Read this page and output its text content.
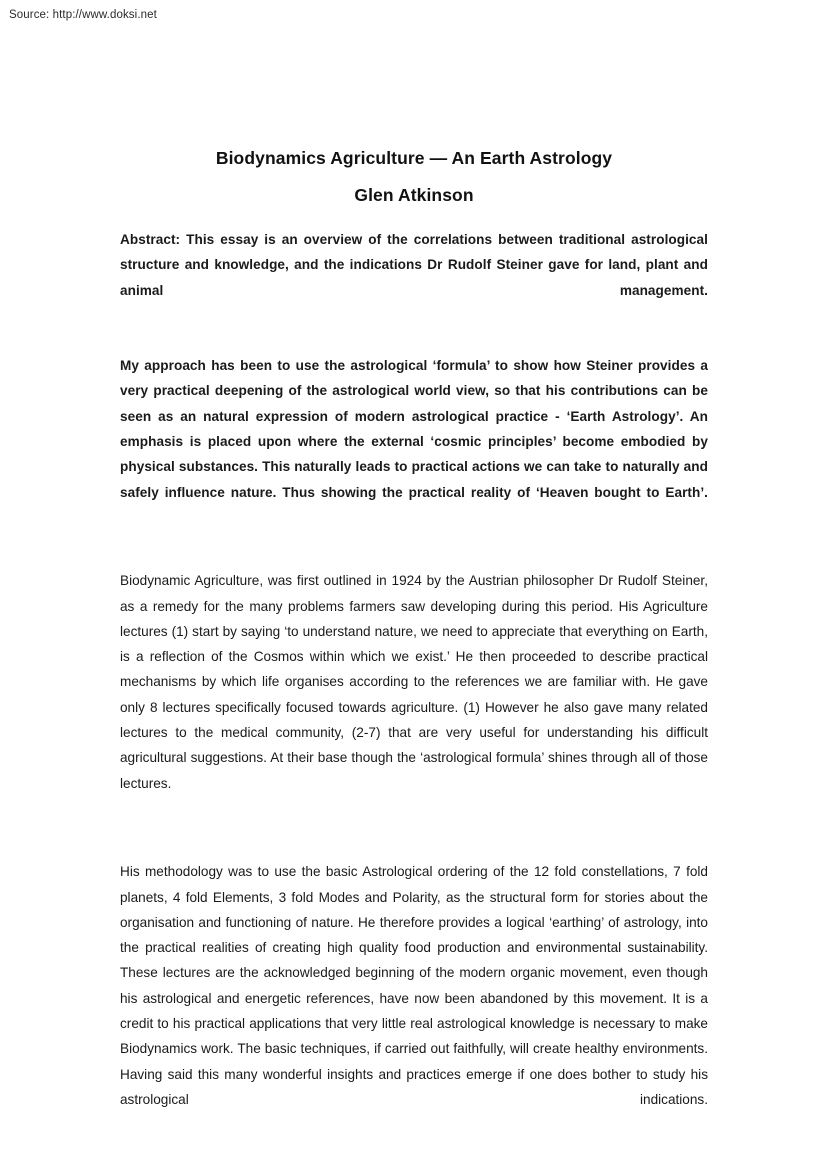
Source: http://www.doksi.net
Biodynamics Agriculture — An Earth Astrology
Glen Atkinson

Abstract: This essay is an overview of the correlations between traditional astrological structure and knowledge, and the indications Dr Rudolf Steiner gave for land, plant and animal management.

My approach has been to use the astrological ‘formula’ to show how Steiner provides a very practical deepening of the astrological world view, so that his contributions can be seen as an natural expression of modern astrological practice - ‘Earth Astrology’. An emphasis is placed upon where the external ‘cosmic principles’ become embodied by physical substances. This naturally leads to practical actions we can take to naturally and safely influence nature. Thus showing the practical reality of ‘Heaven bought to Earth’.

Biodynamic Agriculture, was first outlined in 1924 by the Austrian philosopher Dr Rudolf Steiner, as a remedy for the many problems farmers saw developing during this period. His Agriculture lectures (1) start by saying ‘to understand nature, we need to appreciate that everything on Earth, is a reflection of the Cosmos within which we exist.’ He then proceeded to describe practical mechanisms by which life organises according to the references we are familiar with. He gave only 8 lectures specifically focused towards agriculture. (1) However he also gave many related lectures to the medical community, (2-7) that are very useful for understanding his difficult agricultural suggestions. At their base though the ‘astrological formula’ shines through all of those lectures.

His methodology was to use the basic Astrological ordering of the 12 fold constellations, 7 fold planets, 4 fold Elements, 3 fold Modes and Polarity, as the structural form for stories about the organisation and functioning of nature. He therefore provides a logical ‘earthing’ of astrology, into the practical realities of creating high quality food production and environmental sustainability. These lectures are the acknowledged beginning of the modern organic movement, even though his astrological and energetic references, have now been abandoned by this movement. It is a credit to his practical applications that very little real astrological knowledge is necessary to make Biodynamics work. The basic techniques, if carried out faithfully, will create healthy environments. Having said this many wonderful insights and practices emerge if one does bother to study his astrological indications.
